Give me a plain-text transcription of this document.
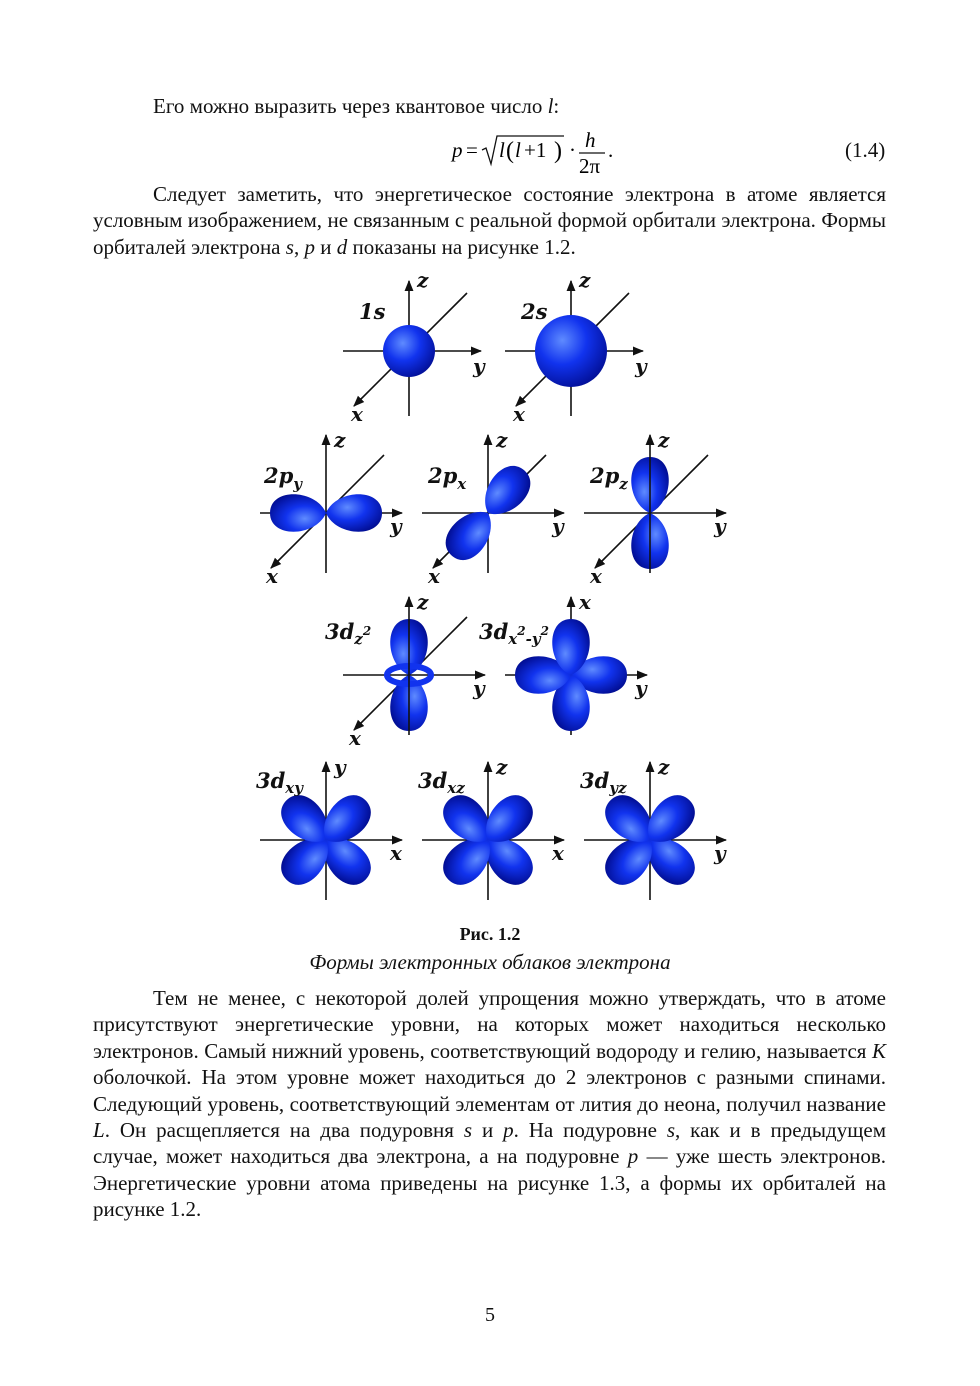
Его можно выразить через квантовое число l:
p = l ( l +1 ) · h
2π
.	(1.4)
Следует заметить, что энергетическое состояние электрона в атоме является условным изображением, не связанным с реальной формой орбитали электрона. Формы орбиталей электрона s, p и d показаны на рисунке 1.2.
1s
z
y
x
2s
z
y
x
$2p_y$
z
y
x
$2p_x$
z
y
x
$2p_z$
z
y
x
$3d_z^2$
z
y
x
$3d_x^2_{-y}^2$
x
y
$3d_{xy}$
y
x
$3d_{xz}$
z
x
$3d_{yz}$
z
y
Рис. 1.2
Формы электронных облаков электрона
Тем не менее, с некоторой долей упрощения можно утверждать, что в атоме присутствуют энергетические уровни, на которых может находиться несколько электронов. Самый нижний уровень, соответствующий водороду и гелию, называется K оболочкой. На этом уровне может находиться до 2 электронов с разными спинами. Следующий уровень, соответствующий элементам от лития до неона, получил название L. Он расщепляется на два подуровня s и p. На подуровне s, как и в предыдущем случае, может находиться два электрона, а на подуровне p — уже шесть электронов. Энергетические уровни атома приведены на рисунке 1.3, а формы их орбиталей на рисунке 1.2.
5
